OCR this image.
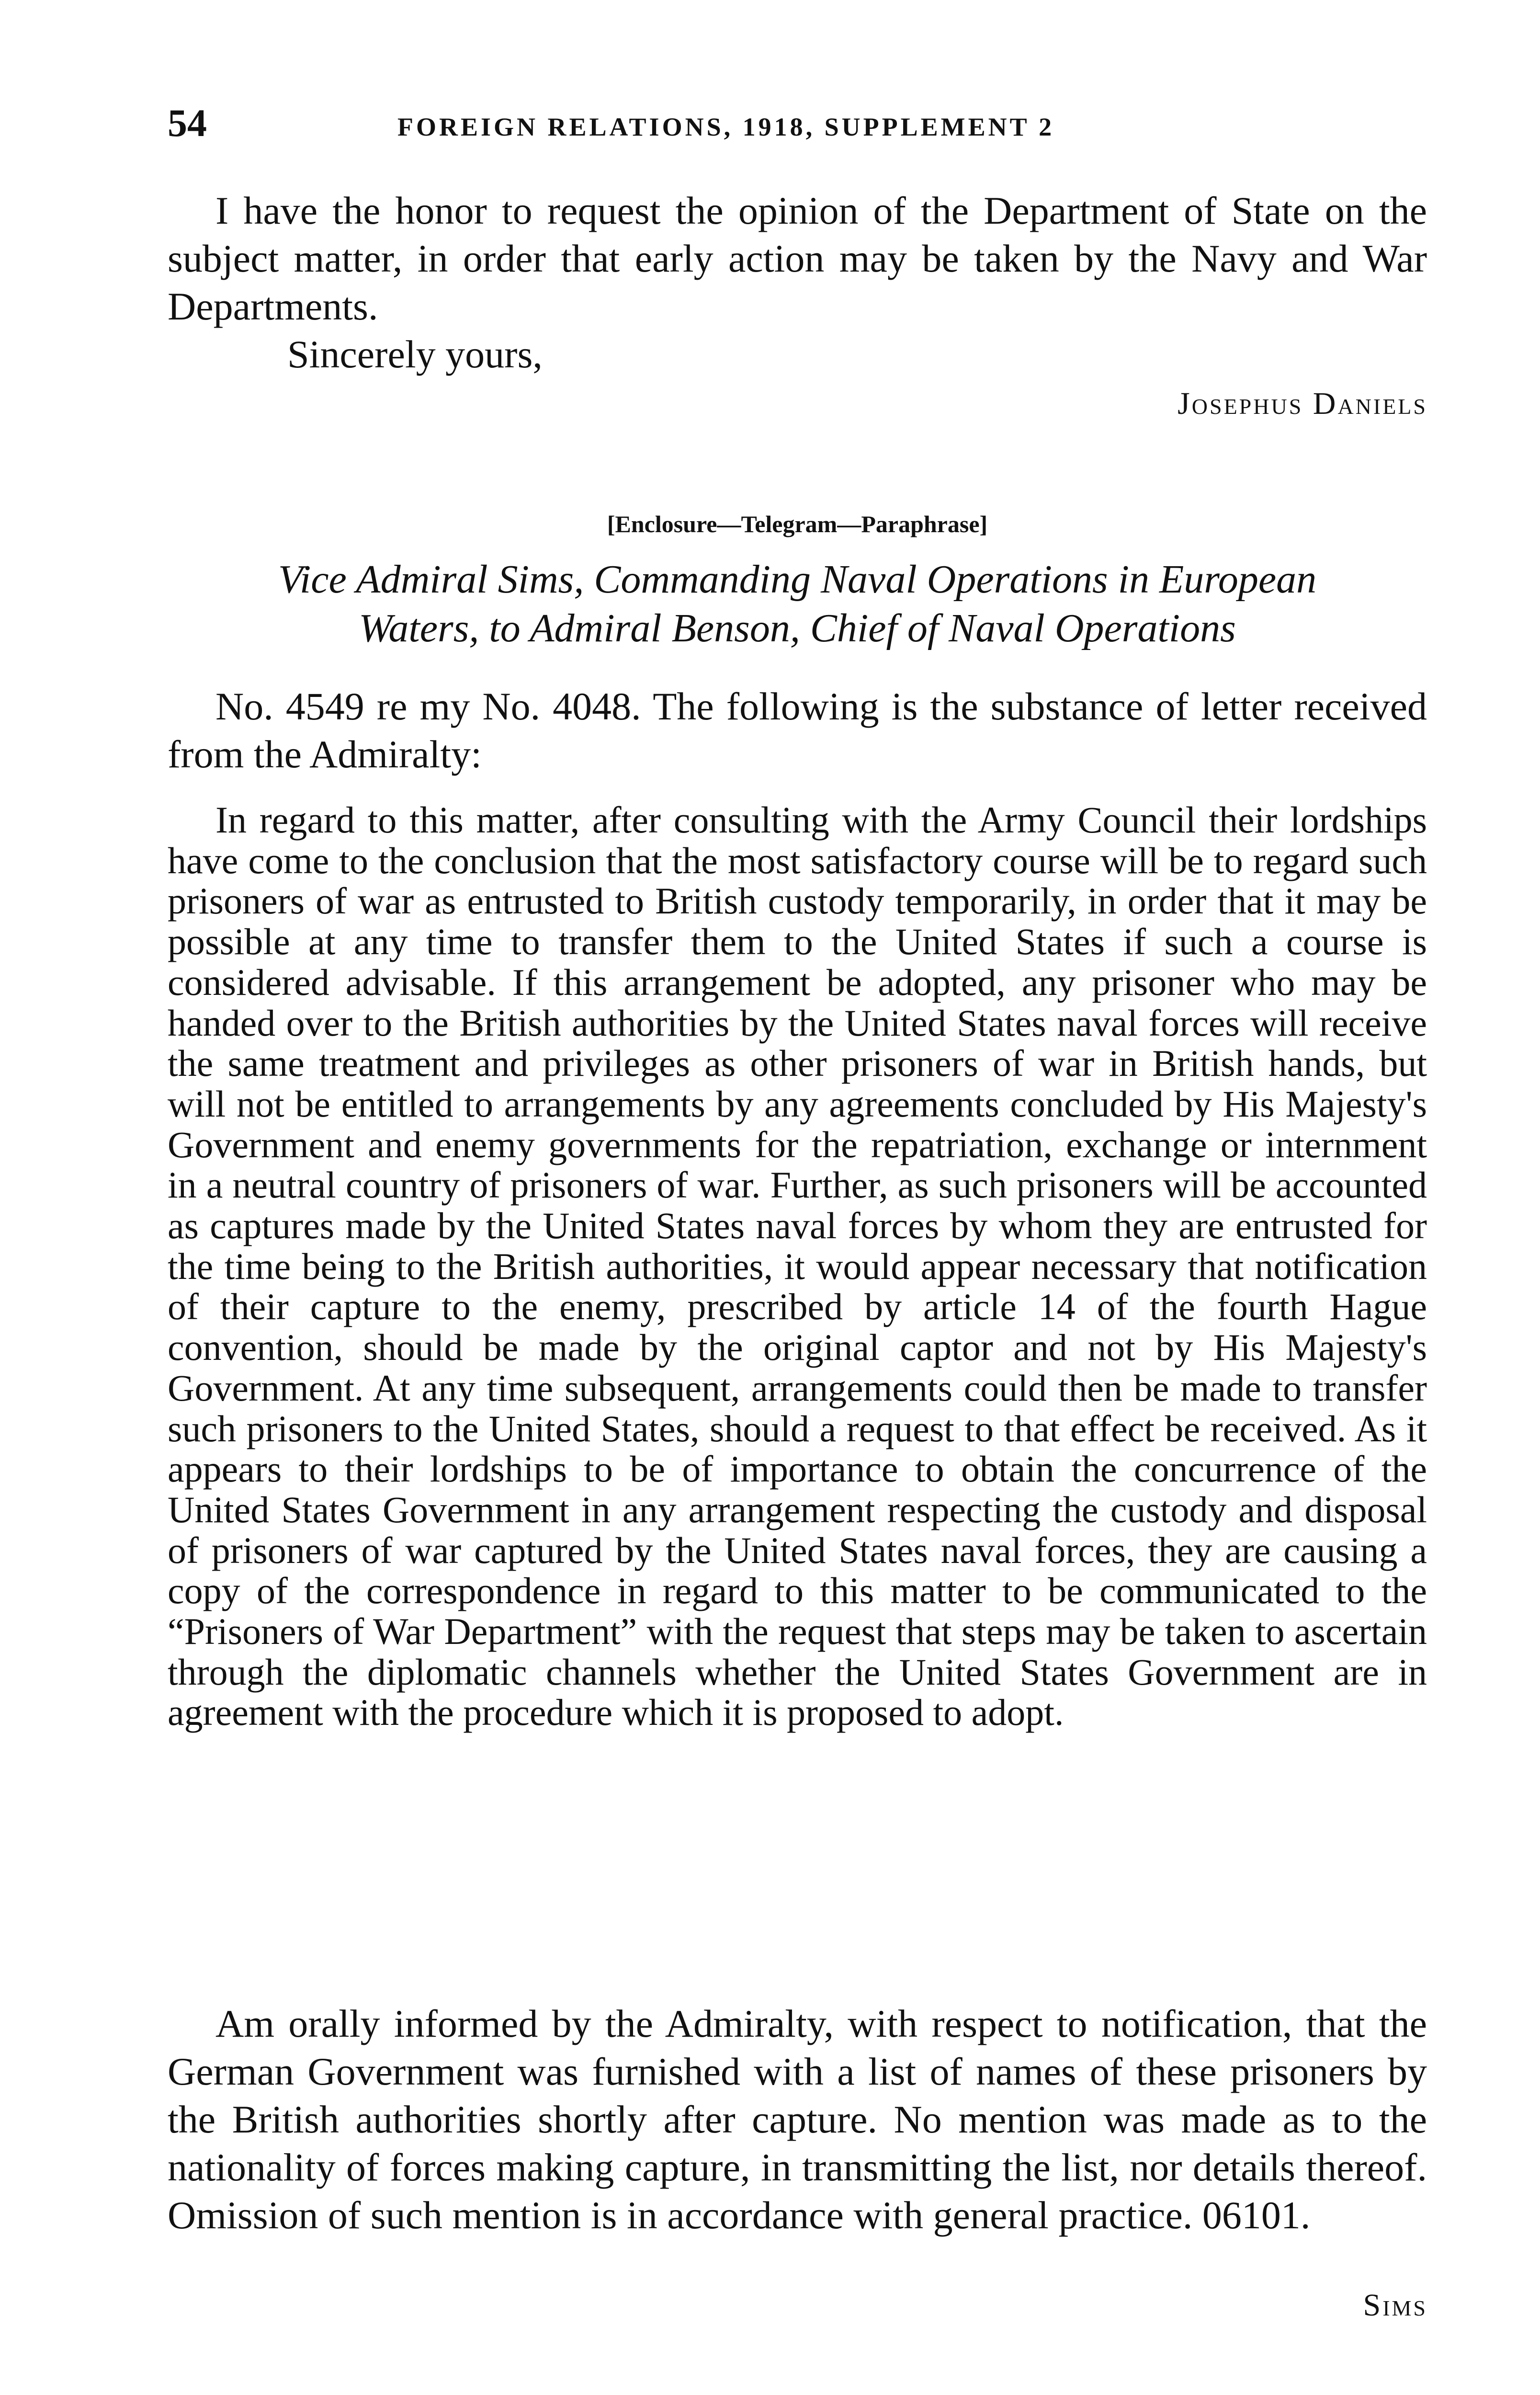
54	FOREIGN RELATIONS, 1918, SUPPLEMENT 2

I have the honor to request the opinion of the Department of State on the subject matter, in order that early action may be taken by the Navy and War Departments.

Sincerely yours,
Josephus Daniels
[Enclosure—Telegram—Paraphrase]
Vice Admiral Sims, Commanding Naval Operations in European
Waters, to Admiral Benson, Chief of Naval Operations

No. 4549 re my No. 4048. The following is the substance of letter received from the Admiralty:

In regard to this matter, after consulting with the Army Council their lordships have come to the conclusion that the most satisfactory course will be to regard such prisoners of war as entrusted to British custody temporarily, in order that it may be possible at any time to transfer them to the United States if such a course is considered advisable. If this arrangement be adopted, any prisoner who may be handed over to the British authorities by the United States naval forces will receive the same treatment and privileges as other prisoners of war in British hands, but will not be entitled to arrangements by any agreements concluded by His Majesty's Government and enemy governments for the repatriation, exchange or internment in a neutral country of prisoners of war. Further, as such prisoners will be accounted as captures made by the United States naval forces by whom they are entrusted for the time being to the British authorities, it would appear necessary that notification of their capture to the enemy, prescribed by article 14 of the fourth Hague convention, should be made by the original captor and not by His Majesty's Government. At any time subsequent, arrangements could then be made to transfer such prisoners to the United States, should a request to that effect be received. As it appears to their lordships to be of importance to obtain the concurrence of the United States Government in any arrangement respecting the custody and disposal of prisoners of war captured by the United States naval forces, they are causing a copy of the correspondence in regard to this matter to be communicated to the “Prisoners of War Department” with the request that steps may be taken to ascertain through the diplomatic channels whether the United States Government are in agreement with the procedure which it is proposed to adopt.

Am orally informed by the Admiralty, with respect to notification, that the German Government was furnished with a list of names of these prisoners by the British authorities shortly after capture. No mention was made as to the nationality of forces making capture, in transmitting the list, nor details thereof. Omission of such mention is in accordance with general practice. 06101.

Sims
